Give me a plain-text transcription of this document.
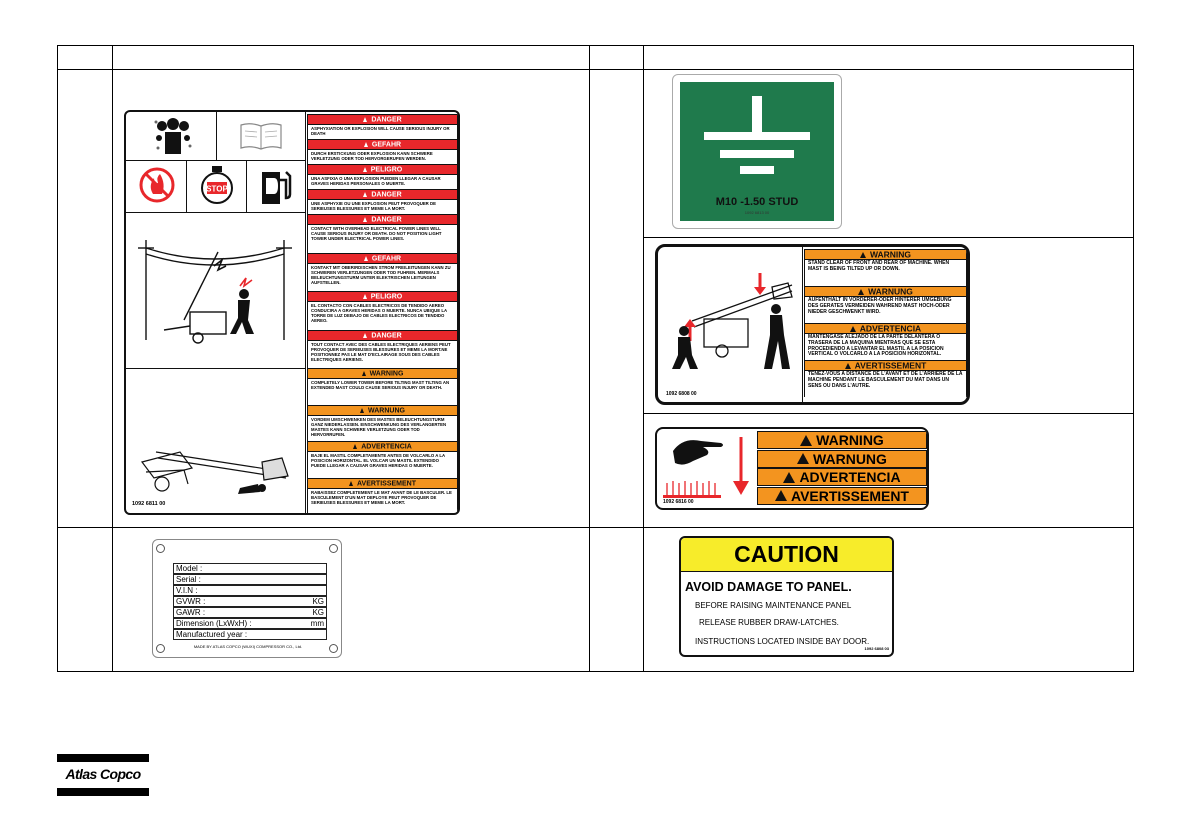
STOP
DANGER
ASPHYXIATION OR EXPLOSION WILL CAUSE SERIOUS INJURY OR DEATH
GEFAHR
DURCH ERSTICKUNG ODER EXPLOSION KANN SCHWERE VERLETZUNG ODER TOD HERVORGERUFEN WERDEN.
PELIGRO
UNA ASFIXIA O UNA EXPLOSION PUEDEN LLEGAR A CAUSAR GRAVES HERIDAS PERSONALES O MUERTE.
DANGER
UNE ASPHYXIE OU UNE EXPLOSION PEUT PROVOQUER DE SERIEUSES BLESSURES ET MEME LA MORT.
DANGER
CONTACT WITH OVERHEAD ELECTRICAL POWER LINES WILL CAUSE SERIOUS INJURY OR DEATH. DO NOT POSITION LIGHT TOWER UNDER ELECTRICAL POWER LINES.
GEFAHR
KONTAKT MIT OBERIRDISCHEN STROM FREILEITUNGEN KANN ZU SCHWEREN VERLETZUNGEN ODER TOD FUHREN. MERMALS BELEUCHTUNGSTURM UNTER ELEKTRISCHEN LEITUNGEN AUFSTELLEN.
PELIGRO
EL CONTACTO CON CABLES ELECTRICOS DE TENDIDO AEREO CONDUCIRA A GRAVES HERIDAS O MUERTE. NUNCA UBIQUE LA TORRE DE LUZ DEBAJO DE CABLES ELECTRICOS DE TENDIDO AEREO.
DANGER
TOUT CONTACT AVEC DES CABLES ELECTRIQUES AERIENS PEUT PROVOQUER DE SERIEUSES BLESSURES ET MEME LA MORT.NE POSITIONNEZ PAS LE MAT D'ECLAIRAGE SOUS DES CABLES ELECTRIQUES AERIENS.
WARNING
COMPLETELY LOWER TOWER BEFORE TILTING MAST TILTING AN EXTENDED MAST COULD CAUSE SERIOUS INJURY OR DEATH.
WARNUNG
VORDEM UMSCHWENKEN DES MASTES BELEUCHTUNGSTURM GANZ NIEDERLASSEN. EINSCHWENKUNG DES VERLANGERTEN MASTES KANN SCHWERE VERLETZUNG ODER TOD HERVORRUFEN.
ADVERTENCIA
BAJE EL MASTIL COMPLETAMENTE ANTES DE VOLCARLO A LA POSICION HORIZONTAL. EL VOLCAR UN MASTIL EXTENDIDO PUEDE LLEGAR A CAUSAR GRAVES HERIDAS O MUERTE.
AVERTISSEMENT
RABAISSEZ COMPLETEMENT LE MAT AVANT DE LE BASCULER. LE BASCULEMENT D'UN MAT DEPLOYE PEUT PROVOQUER DE SERIEUSES BLESSURES ET MEME LA MORT.
1092 6811 00
M10 -1.50 STUD
1092 6813 00
1092 6808 00
WARNING
STAND CLEAR OF FRONT AND REAR OF MACHINE. WHEN MAST IS BEING TILTED UP OR DOWN.
WARNUNG
AUFENTHALT IN VORDERER-ODER HINTERER UMGEBUNG DES GERATES VERMEIDEN WAHREND MAST HOCH-ODER NIEDER GESCHWENKT WIRD.
ADVERTENCIA
MANTENGASE ALEJADO DE LA PARTE DELANTERA O TRASERA DE LA MAQUINA MIENTRAS QUE SE ESTA PROCEDIENDO A LEVANTAR EL MASTIL A LA POSICION VERTICAL O VOLCARLO A LA POSICION HORIZONTAL.
AVERTISSEMENT
TENEZ-VOUS A DISTANCE DE L'AVANT ET DE L'ARRIERE DE LA MACHINE PENDANT LE BASCULEMENT DU MAT DANS UN SENS OU DANS L'AUTRE.
1092 6816 00
WARNING
WARNUNG
ADVERTENCIA
AVERTISSEMENT
Model :
Serial :
V.I.N :
GVWR :	KG
GAWR :	KG
Dimension (LxWxH) :	mm
Manufactured year :
MADE BY ATLAS COPCO (WUXI) COMPRESSOR CO., Ltd.
CAUTION
AVOID DAMAGE TO PANEL.
BEFORE RAISING MAINTENANCE PANEL
RELEASE RUBBER DRAW-LATCHES.
INSTRUCTIONS LOCATED INSIDE BAY DOOR.
1092 6808 03
Atlas Copco
